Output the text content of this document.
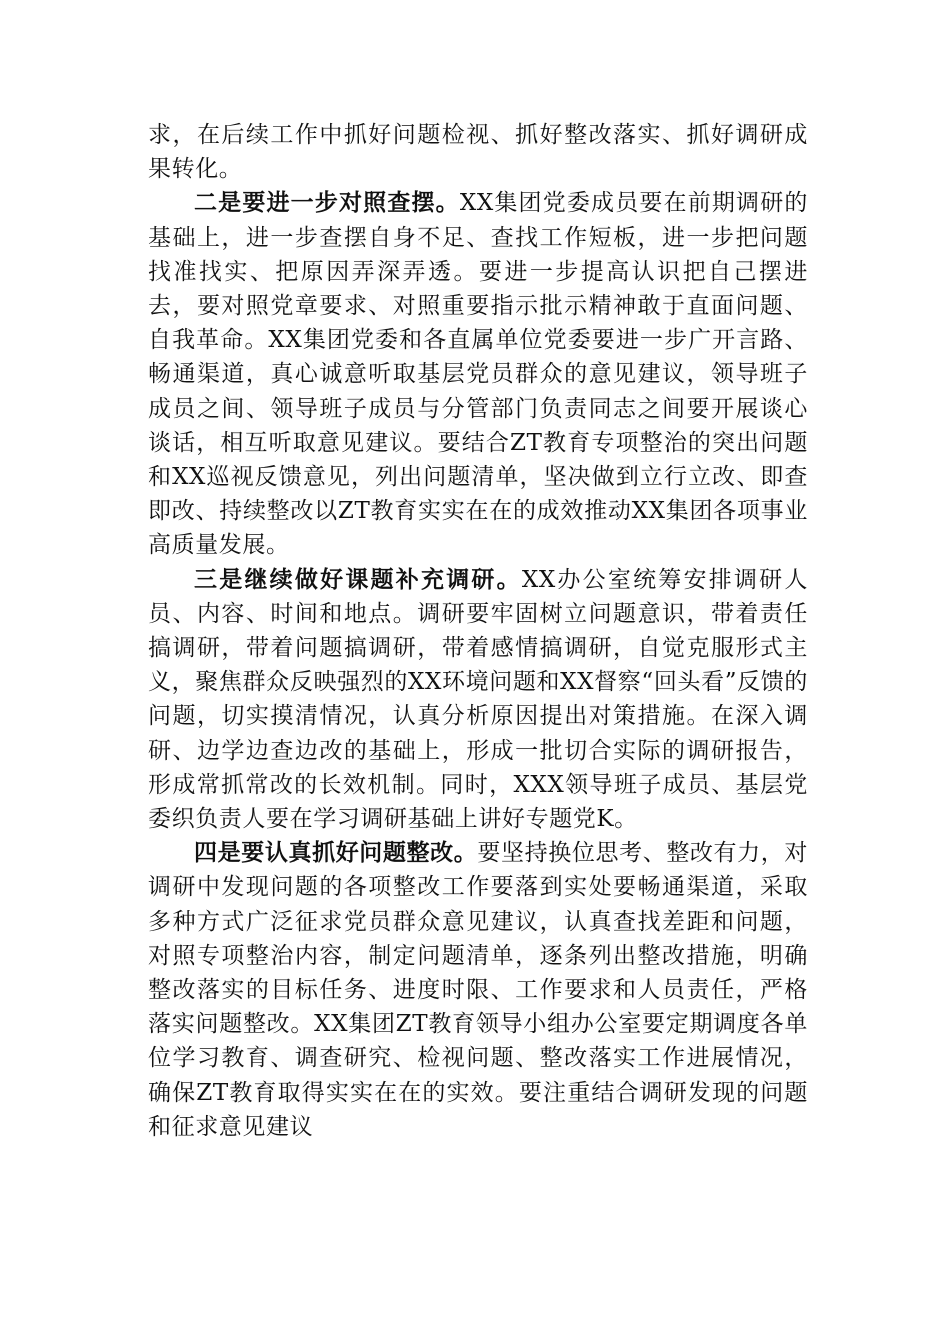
求，在后续工作中抓好问题检视、抓好整改落实、抓好调研成果转化。

二是要进一步对照查摆。XX集团党委成员要在前期调研的基础上，进一步查摆自身不足、查找工作短板，进一步把问题找准找实、把原因弄深弄透。要进一步提高认识把自己摆进去，要对照党章要求、对照重要指示批示精神敢于直面问题、自我革命。XX集团党委和各直属单位党委要进一步广开言路、畅通渠道，真心诚意听取基层党员群众的意见建议，领导班子成员之间、领导班子成员与分管部门负责同志之间要开展谈心谈话，相互听取意见建议。要结合ZT教育专项整治的突出问题和XX巡视反馈意见，列出问题清单，坚决做到立行立改、即查即改、持续整改以ZT教育实实在在的成效推动XX集团各项事业高质量发展。

三是继续做好课题补充调研。XX办公室统筹安排调研人员、内容、时间和地点。调研要牢固树立问题意识，带着责任搞调研，带着问题搞调研，带着感情搞调研，自觉克服形式主义，聚焦群众反映强烈的XX环境问题和XX督察“回头看”反馈的问题，切实摸清情况，认真分析原因提出对策措施。在深入调研、边学边查边改的基础上，形成一批切合实际的调研报告，形成常抓常改的长效机制。同时，XXX领导班子成员、基层党委织负责人要在学习调研基础上讲好专题党K。

四是要认真抓好问题整改。要坚持换位思考、整改有力，对调研中发现问题的各项整改工作要落到实处要畅通渠道，采取多种方式广泛征求党员群众意见建议，认真查找差距和问题，对照专项整治内容，制定问题清单，逐条列出整改措施，明确整改落实的目标任务、进度时限、工作要求和人员责任，严格落实问题整改。XX集团ZT教育领导小组办公室要定期调度各单位学习教育、调查研究、检视问题、整改落实工作进展情况，确保ZT教育取得实实在在的实效。要注重结合调研发现的问题和征求意见建议
